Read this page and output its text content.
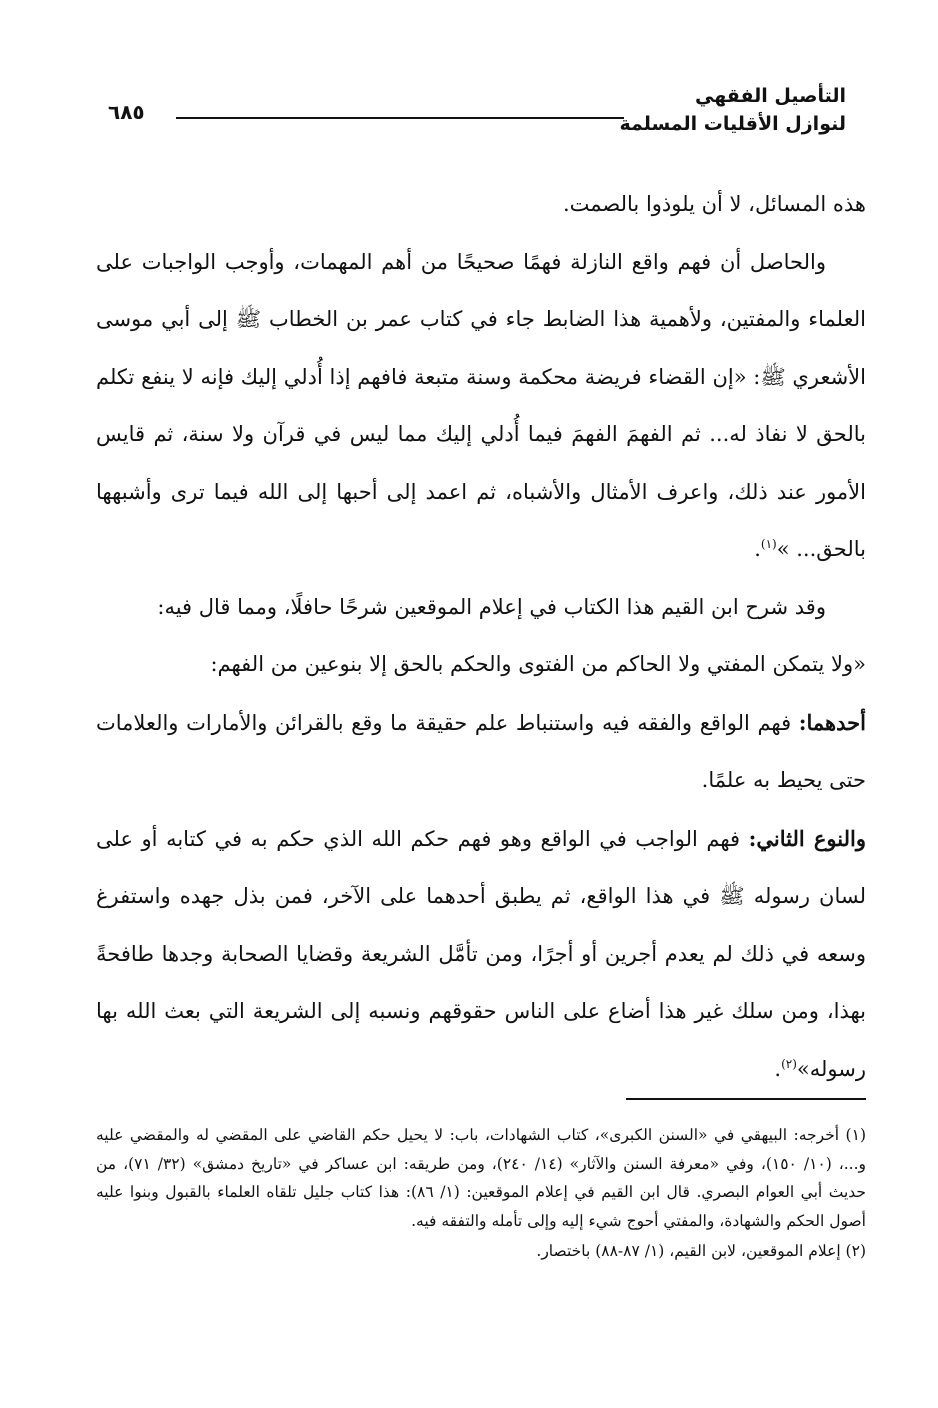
التأصيل الفقهي
لنوازل الأقليات المسلمة
٦٨٥

هذه المسائل، لا أن يلوذوا بالصمت.

والحاصل أن فهم واقع النازلة فهمًا صحيحًا من أهم المهمات، وأوجب الواجبات على العلماء والمفتين، ولأهمية هذا الضابط جاء في كتاب عمر بن الخطاب ﷺ إلى أبي موسى الأشعري ﷺ: «إن القضاء فريضة محكمة وسنة متبعة فافهم إذا أُدلي إليك فإنه لا ينفع تكلم بالحق لا نفاذ له... ثم الفهمَ الفهمَ فيما أُدلي إليك مما ليس في قرآن ولا سنة، ثم قايس الأمور عند ذلك، واعرف الأمثال والأشباه، ثم اعمد إلى أحبها إلى الله فيما ترى وأشبهها بالحق... »$^{(١)}$.

وقد شرح ابن القيم هذا الكتاب في إعلام الموقعين شرحًا حافلًا، ومما قال فيه:

«ولا يتمكن المفتي ولا الحاكم من الفتوى والحكم بالحق إلا بنوعين من الفهم:

أحدهما: فهم الواقع والفقه فيه واستنباط علم حقيقة ما وقع بالقرائن والأمارات والعلامات حتى يحيط به علمًا.

والنوع الثاني: فهم الواجب في الواقع وهو فهم حكم الله الذي حكم به في كتابه أو على لسان رسوله ﷺ في هذا الواقع، ثم يطبق أحدهما على الآخر، فمن بذل جهده واستفرغ وسعه في ذلك لم يعدم أجرين أو أجرًا، ومن تأمَّل الشريعة وقضايا الصحابة وجدها طافحةً بهذا، ومن سلك غير هذا أضاع على الناس حقوقهم ونسبه إلى الشريعة التي بعث الله بها رسوله»$^{(٢)}$.

(١) أخرجه: البيهقي في «السنن الكبرى»، كتاب الشهادات، باب: لا يحيل حكم القاضي على المقضي له والمقضي عليه و...، (١٠/ ١٥٠)، وفي «معرفة السنن والآثار» (١٤/ ٢٤٠)، ومن طريقه: ابن عساكر في «تاريخ دمشق» (٣٢/ ٧١)، من حديث أبي العوام البصري. قال ابن القيم في إعلام الموقعين: (١/ ٨٦): هذا كتاب جليل تلقاه العلماء بالقبول وبنوا عليه أصول الحكم والشهادة، والمفتي أحوج شيء إليه وإلى تأمله والتفقه فيه.

(٢) إعلام الموقعين، لابن القيم، (١/ ٨٧-٨٨) باختصار.
